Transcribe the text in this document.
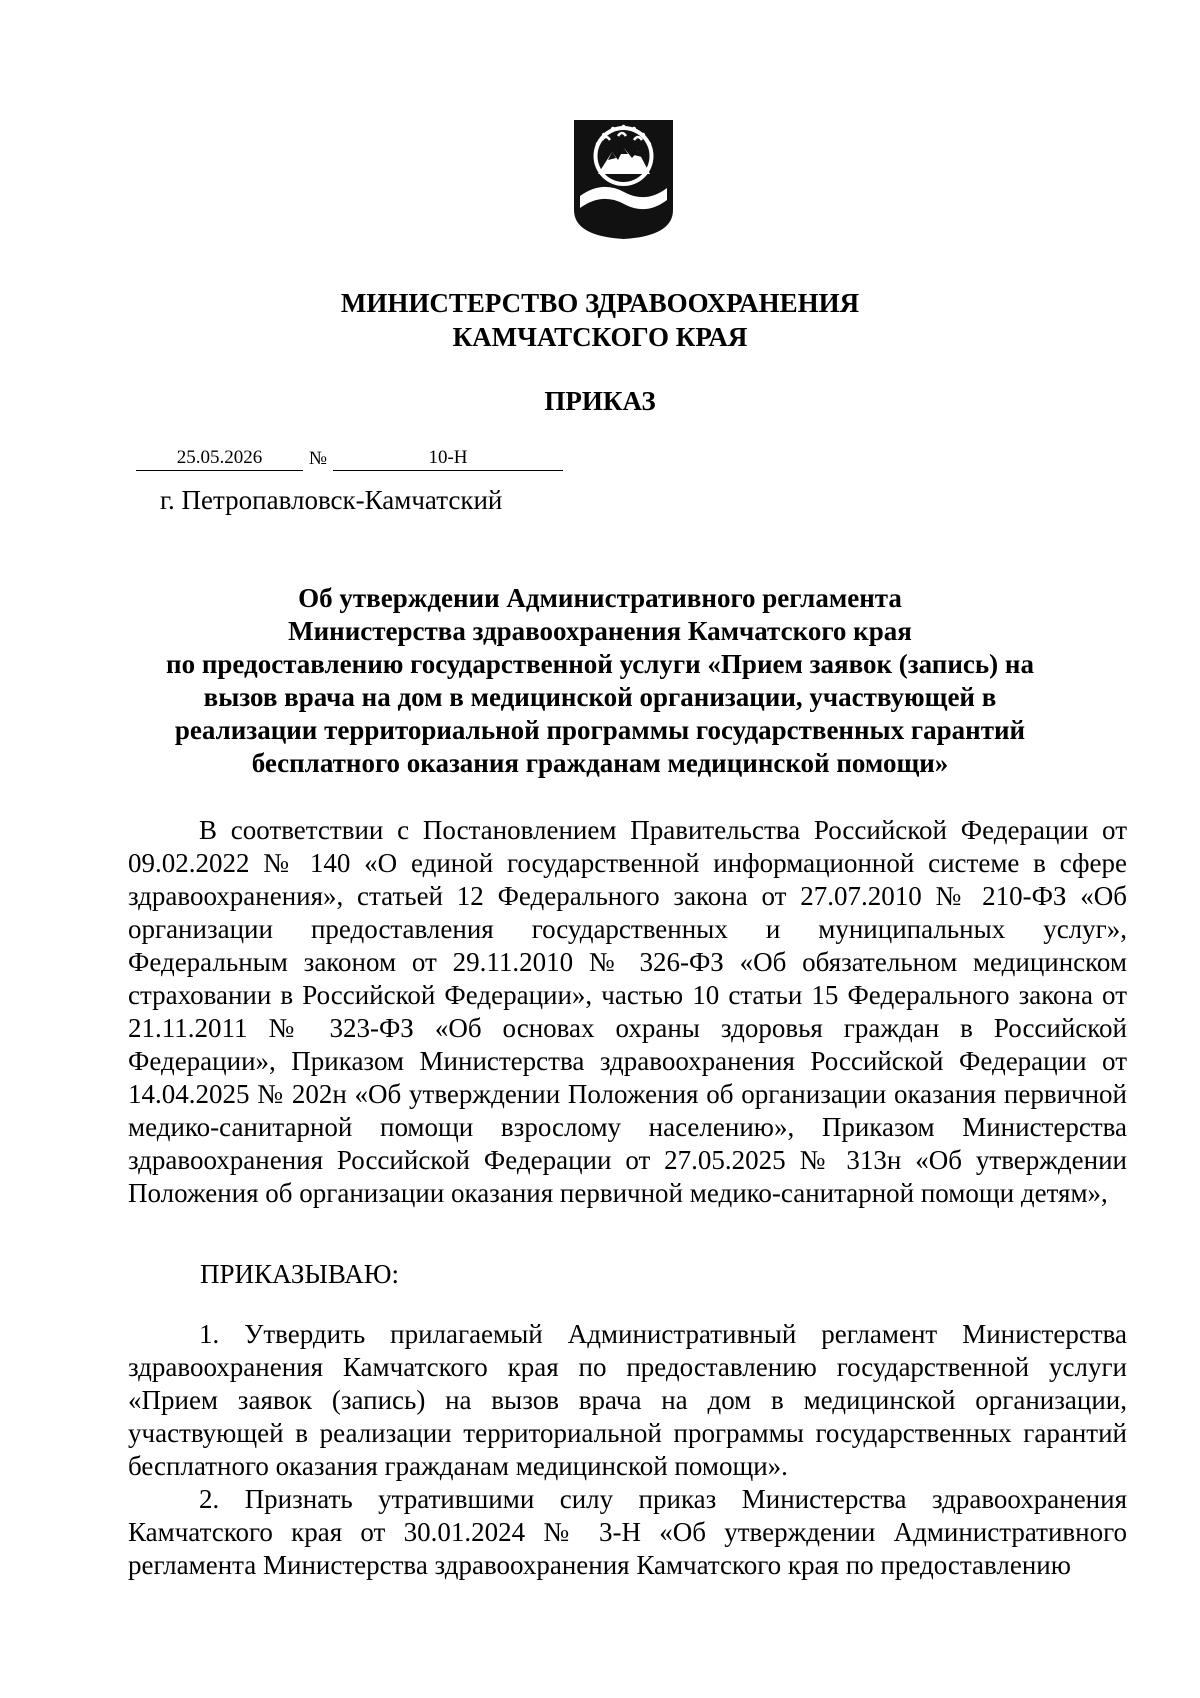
МИНИСТЕРСТВО ЗДРАВООХРАНЕНИЯ
КАМЧАТСКОГО КРАЯ
ПРИКАЗ
25.05.2026 №	10-Н
г. Петропавловск-Камчатский
Об утверждении Административного регламента
Министерства здравоохранения Камчатского края
по предоставлению государственной услуги «Прием заявок (запись) на
вызов врача на дом в медицинской организации, участвующей в
реализации территориальной программы государственных гарантий
бесплатного оказания гражданам медицинской помощи»

В соответствии с Постановлением Правительства Российской Федерации от 09.02.2022 № 140 «О единой государственной информационной системе в сфере здравоохранения», статьей 12 Федерального закона от 27.07.2010 № 210-ФЗ «Об организации предоставления государственных и муниципальных услуг», Федеральным законом от 29.11.2010 № 326-ФЗ «Об обязательном медицинском страховании в Российской Федерации», частью 10 статьи 15 Федерального закона от 21.11.2011 № 323-ФЗ «Об основах охраны здоровья граждан в Российской Федерации», Приказом Министерства здравоохранения Российской Федерации от 14.04.2025 № 202н «Об утверждении Положения об организации оказания первичной медико-санитарной помощи взрослому населению», Приказом Министерства здравоохранения Российской Федерации от 27.05.2025 № 313н «Об утверждении Положения об организации оказания первичной медико-санитарной помощи детям»,

ПРИКАЗЫВАЮ:

1. Утвердить прилагаемый Административный регламент Министерства здравоохранения Камчатского края по предоставлению государственной услуги «Прием заявок (запись) на вызов врача на дом в медицинской организации, участвующей в реализации территориальной программы государственных гарантий бесплатного оказания гражданам медицинской помощи».

2. Признать утратившими силу приказ Министерства здравоохранения Камчатского края от 30.01.2024 № 3-Н «Об утверждении Административного регламента Министерства здравоохранения Камчатского края по предоставлению
